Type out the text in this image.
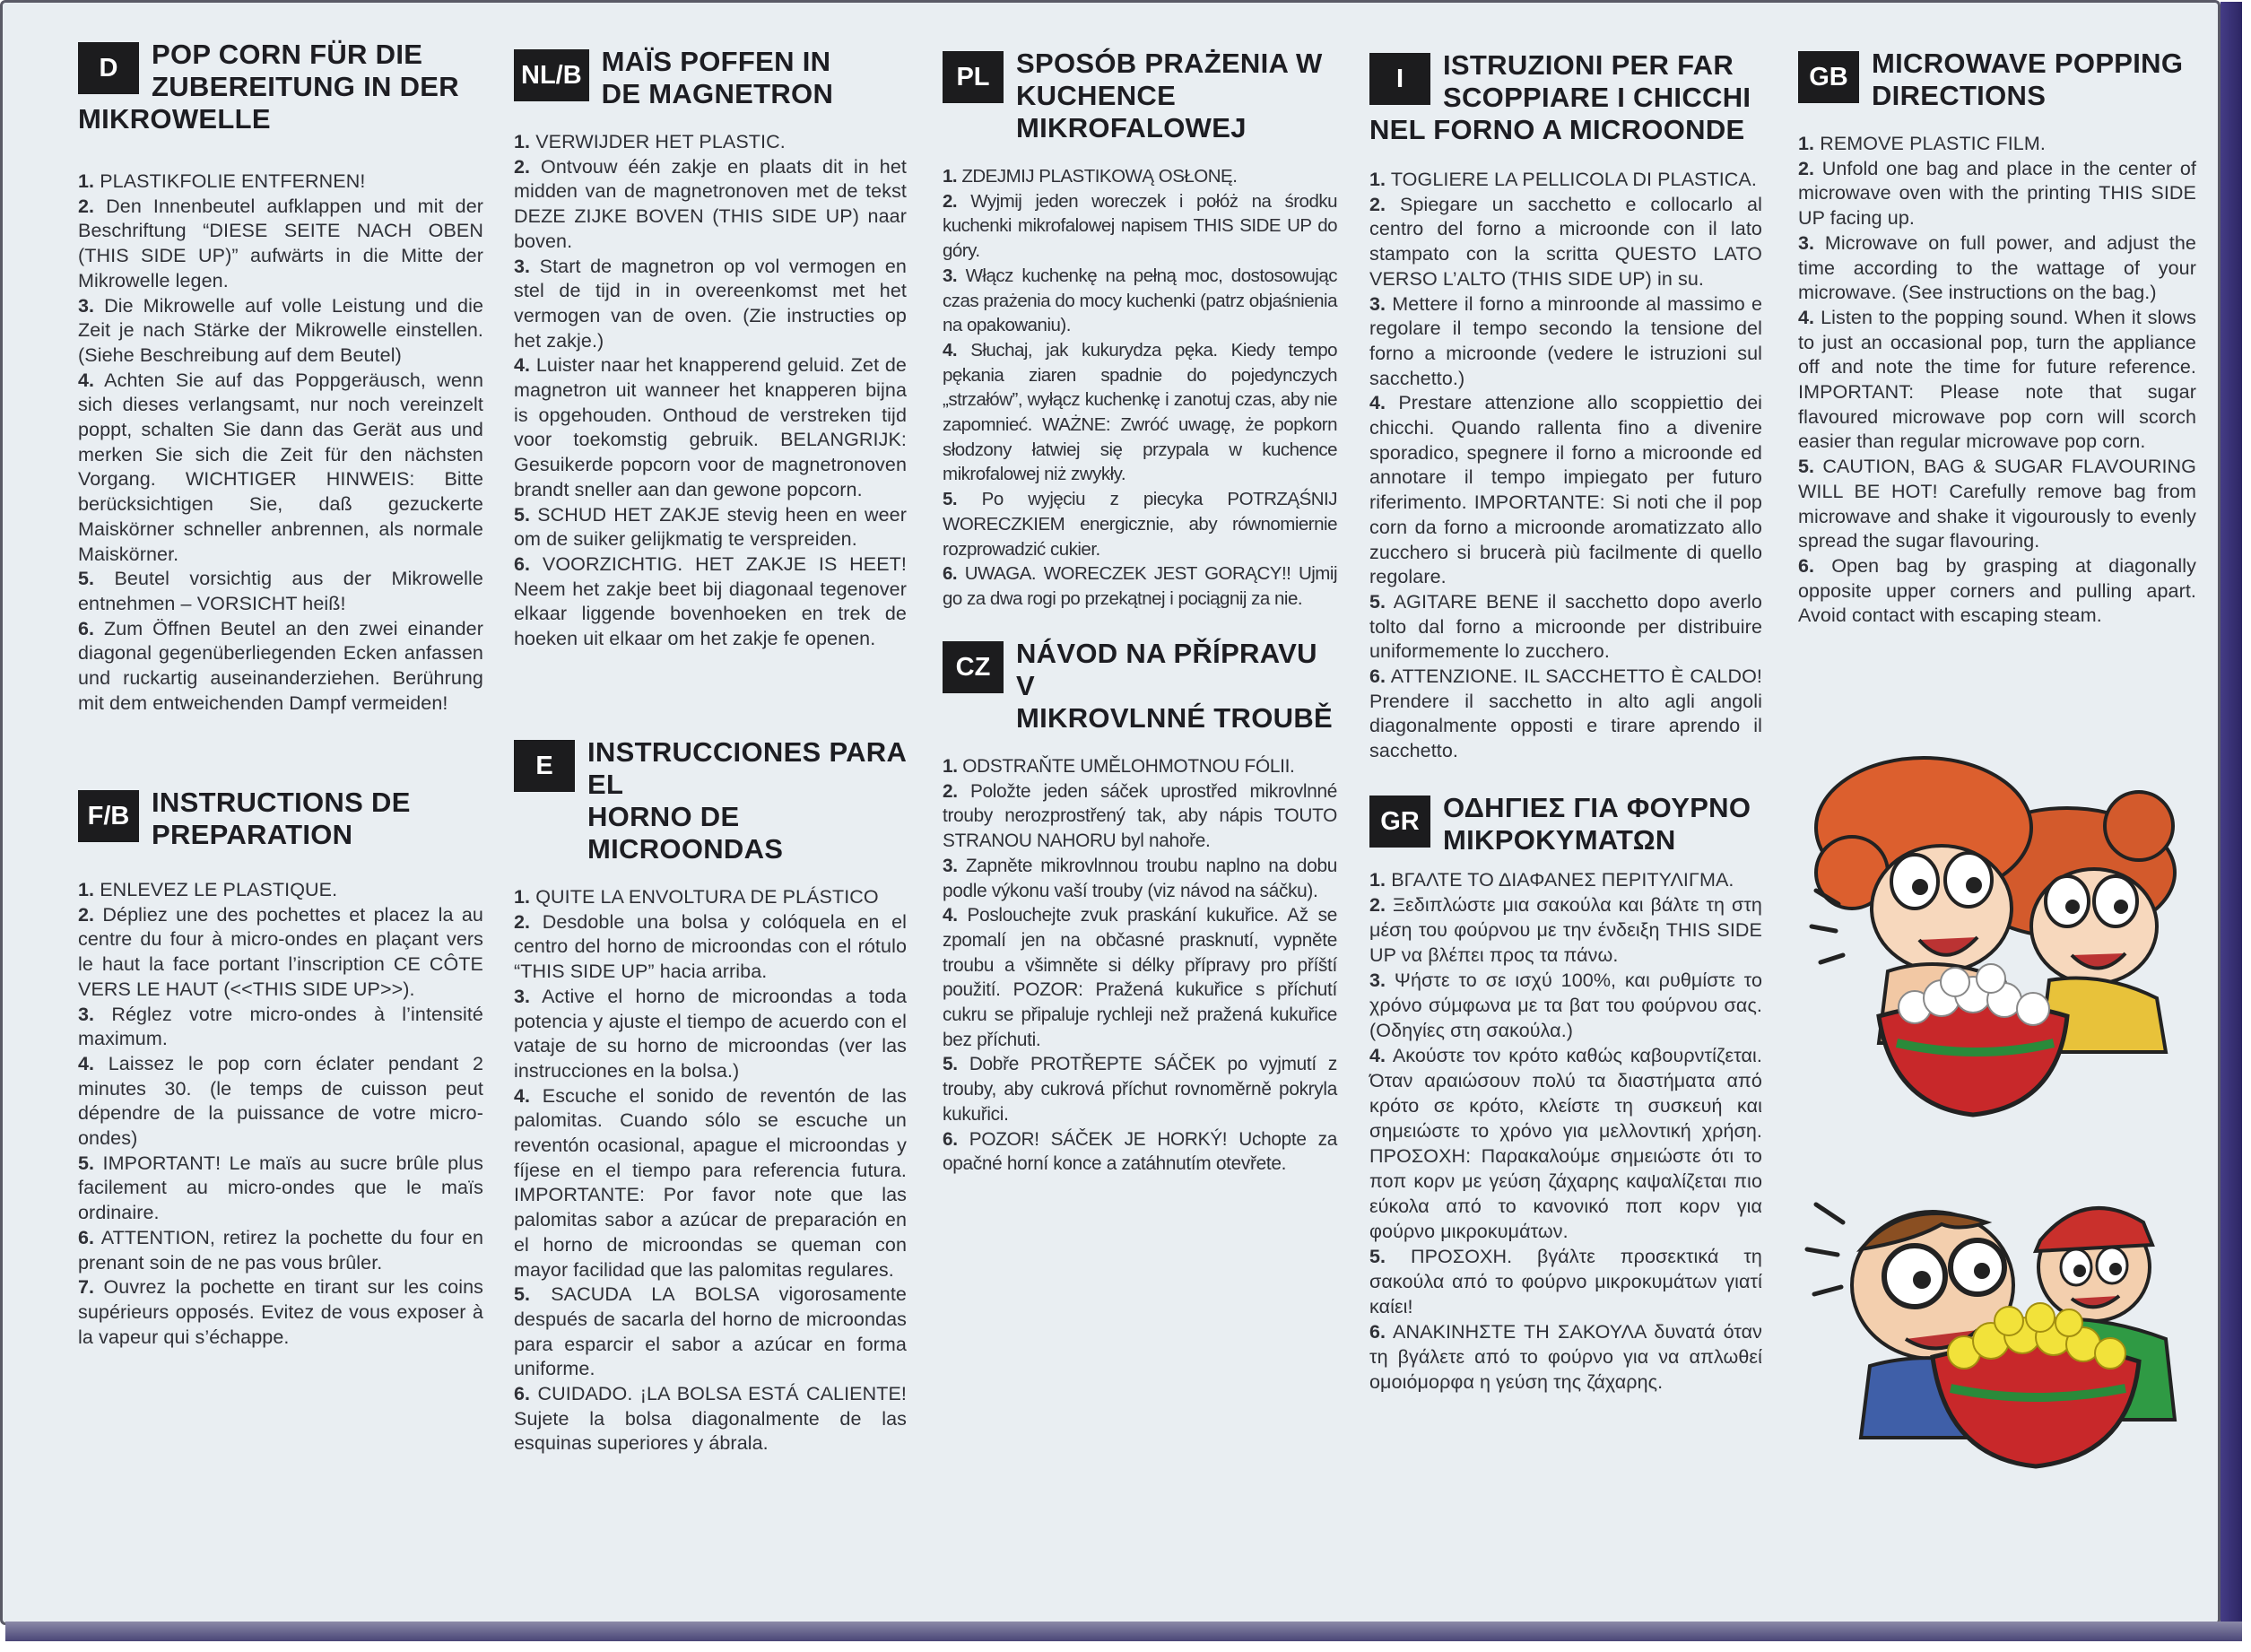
D	POP CORN FÜR DIE
ZUBEREITUNG IN DER
MIKROWELLE

1. PLASTIKFOLIE ENTFERNEN!

2. Den Innenbeutel aufklappen und mit der Beschriftung “DIESE SEITE NACH OBEN (THIS SIDE UP)” aufwärts in die Mitte der Mikrowelle legen.

3. Die Mikrowelle auf volle Leistung und die Zeit je nach Stärke der Mikrowelle einstellen. (Siehe Beschreibung auf dem Beutel)

4. Achten Sie auf das Poppgeräusch, wenn sich dieses verlangsamt, nur noch vereinzelt poppt, schalten Sie dann das Gerät aus und merken Sie sich die Zeit für den nächsten Vorgang. WICHTIGER HINWEIS: Bitte berücksichtigen Sie, daß gezuckerte Maiskörner schneller anbrennen, als normale Maiskörner.

5. Beutel vorsichtig aus der Mikrowelle entnehmen – VORSICHT heiß!

6. Zum Öffnen Beutel an den zwei einander diagonal gegenüberliegenden Ecken anfassen und ruckartig auseinanderziehen. Berührung mit dem entweichenden Dampf vermeiden!

F/B INSTRUCTIONS DE
PREPARATION

1. ENLEVEZ LE PLASTIQUE.

2. Dépliez une des pochettes et placez la au centre du four à micro-ondes en plaçant vers le haut la face portant l’inscription CE CÔTE VERS LE HAUT (<<THIS SIDE UP>>).

3. Réglez votre micro-ondes à l’intensité maximum.

4. Laissez le pop corn éclater pendant 2 minutes 30. (le temps de cuisson peut dépendre de la puissance de votre micro-ondes)

5. IMPORTANT! Le maïs au sucre brûle plus facilement au micro-ondes que le maïs ordinaire.

6. ATTENTION, retirez la pochette du four en prenant soin de ne pas vous brûler.

7. Ouvrez la pochette en tirant sur les coins supérieurs opposés. Evitez de vous exposer à la vapeur qui s’échappe.

NL/B MAÏS POFFEN IN
DE MAGNETRON

1. VERWIJDER HET PLASTIC.

2. Ontvouw één zakje en plaats dit in het midden van de magnetronoven met de tekst DEZE ZIJKE BOVEN (THIS SIDE UP) naar boven.

3. Start de magnetron op vol vermogen en stel de tijd in in overeenkomst met het vermogen van de oven. (Zie instructies op het zakje.)

4. Luister naar het knapperend geluid. Zet de magnetron uit wanneer het knapperen bijna is opgehouden. Onthoud de verstreken tijd voor toekomstig gebruik. BELANGRIJK: Gesuikerde popcorn voor de magnetronoven brandt sneller aan dan gewone popcorn.

5. SCHUD HET ZAKJE stevig heen en weer om de suiker gelijkmatig te verspreiden.

6. VOORZICHTIG. HET ZAKJE IS HEET! Neem het zakje beet bij diagonaal tegenover elkaar liggende bovenhoeken en trek de hoeken uit elkaar om het zakje fe openen.

E	INSTRUCCIONES PARA EL
HORNO DE MICROONDAS

1. QUITE LA ENVOLTURA DE PLÁSTICO

2. Desdoble una bolsa y colóquela en el centro del horno de microondas con el rótulo “THIS SIDE UP” hacia arriba.

3. Active el horno de microondas a toda potencia y ajuste el tiempo de acuerdo con el vataje de su horno de microondas (ver las instrucciones en la bolsa.)

4. Escuche el sonido de reventón de las palomitas. Cuando sólo se escuche un reventón ocasional, apague el microondas y fíjese en el tiempo para referencia futura. IMPORTANTE: Por favor note que las palomitas sabor a azúcar de preparación en el horno de microondas se queman con mayor facilidad que las palomitas regulares.

5. SACUDA LA BOLSA vigorosamente después de sacarla del horno de microondas para esparcir el sabor a azúcar en forma uniforme.

6. CUIDADO. ¡LA BOLSA ESTÁ CALIENTE! Sujete la bolsa diagonalmente de las esquinas superiores y ábrala.

PL SPOSÓB PRAŻENIA W
KUCHENCE MIKROFALOWEJ

1. ZDEJMIJ PLASTIKOWĄ OSŁONĘ.

2. Wyjmij jeden woreczek i połóż na środku kuchenki mikrofalowej napisem THIS SIDE UP do góry.

3. Włącz kuchenkę na pełną moc, dostosowując czas prażenia do mocy kuchenki (patrz objaśnienia na opakowaniu).

4. Słuchaj, jak kukurydza pęka. Kiedy tempo pękania ziaren spadnie do pojedynczych „strzałów”, wyłącz kuchenkę i zanotuj czas, aby nie zapomnieć. WAŻNE: Zwróć uwagę, że popkorn słodzony łatwiej się przypala w kuchence mikrofalowej niż zwykły.

5. Po wyjęciu z piecyka POTRZĄŚNIJ WORECZKIEM energicznie, aby równomiernie rozprowadzić cukier.

6. UWAGA. WORECZEK JEST GORĄCY!! Ujmij go za dwa rogi po przekątnej i pociągnij za nie.

CZ NÁVOD NA PŘÍPRAVU V
MIKROVLNNÉ TROUBĚ

1. ODSTRAŇTE UMĚLOHMOTNOU FÓLII.

2. Položte jeden sáček uprostřed mikrovlnné trouby nerozprostřený tak, aby nápis TOUTO STRANOU NAHORU byl nahoře.

3. Zapněte mikrovlnnou troubu naplno na dobu podle výkonu vaší trouby (viz návod na sáčku).

4. Poslouchejte zvuk praskání kukuřice. Až se zpomalí jen na občasné prasknutí, vypněte troubu a všimněte si délky přípravy pro příští použití. POZOR: Pražená kukuřice s příchutí cukru se připaluje rychleji než pražená kukuřice bez příchuti.

5. Dobře PROTŘEPTE SÁČEK po vyjmutí z trouby, aby cukrová příchut rovnoměrně pokryla kukuřici.

6. POZOR! SÁČEK JE HORKÝ! Uchopte za opačné horní konce a zatáhnutím otevřete.

I	ISTRUZIONI PER FAR
SCOPPIARE I CHICCHI
NEL FORNO A MICROONDE

1. TOGLIERE LA PELLICOLA DI PLASTICA.

2. Spiegare un sacchetto e collocarlo al centro del forno a microonde con il lato stampato con la scritta QUESTO LATO VERSO L’ALTO (THIS SIDE UP) in su.

3. Mettere il forno a minroonde al massimo e regolare il tempo secondo la tensione del forno a microonde (vedere le istruzioni sul sacchetto.)

4. Prestare attenzione allo scoppiettio dei chicchi. Quando rallenta fino a divenire sporadico, spegnere il forno a microonde ed annotare il tempo impiegato per futuro riferimento. IMPORTANTE: Si noti che il pop corn da forno a microonde aromatizzato allo zucchero si brucerà più facilmente di quello regolare.

5. AGITARE BENE il sacchetto dopo averlo tolto dal forno a microonde per distribuire uniformemente lo zucchero.

6. ATTENZIONE. IL SACCHETTO È CALDO! Prendere il sacchetto in alto agli angoli diagonalmente opposti e tirare aprendo il sacchetto.

GR ΟΔΗΓΙΕΣ ΓΙΑ ΦΟΥΡΝΟ
ΜΙΚΡΟΚΥΜΑΤΩΝ

1. ΒΓΑΛΤΕ ΤΟ ΔΙΑΦΑΝΕΣ ΠΕΡΙΤΥΛΙΓΜΑ.

2. Ξεδιπλώστε μια σακούλα και βάλτε τη στη μέση του φούρνου με την ένδειξη THIS SIDE UP να βλέπει προς τα πάνω.

3. Ψήστε το σε ισχύ 100%, και ρυθμίστε το χρόνο σύμφωνα με τα βατ του φούρνου σας. (Οδηγίες στη σακούλα.)

4. Ακούστε τον κρότο καθώς καβουρντίζεται. Όταν αραιώσουν πολύ τα διαστήματα από κρότο σε κρότο, κλείστε τη συσκευή και σημειώστε το χρόνο για μελλοντική χρήση. ΠΡΟΣΟΧΗ: Παρακαλούμε σημειώστε ότι το ποπ κορν με γεύση ζάχαρης καψαλίζεται πιο εύκολα από το κανονικό ποπ κορν για φούρνο μικροκυμάτων.

5. ΠΡΟΣΟΧΗ. βγάλτε προσεκτικά τη σακούλα από το φούρνο μικροκυμάτων γιατί καίει!

6. ΑΝΑΚΙΝΗΣΤΕ ΤΗ ΣΑΚΟΥΛΑ δυνατά όταν τη βγάλετε από το φούρνο για να απλωθεί ομοιόμορφα η γεύση της ζάχαρης.

GB MICROWAVE POPPING
DIRECTIONS

1. REMOVE PLASTIC FILM.

2. Unfold one bag and place in the center of microwave oven with the printing THIS SIDE UP facing up.

3. Microwave on full power, and adjust the time according to the wattage of your microwave. (See instructions on the bag.)

4. Listen to the popping sound. When it slows to just an occasional pop, turn the appliance off and note the time for future reference. IMPORTANT: Please note that sugar flavoured microwave pop corn will scorch easier than regular microwave pop corn.

5. CAUTION, BAG & SUGAR FLAVOURING WILL BE HOT! Carefully remove bag from microwave and shake it vigourously to evenly spread the sugar flavouring.

6. Open bag by grasping at diagonally opposite upper corners and pulling apart. Avoid contact with escaping steam.
